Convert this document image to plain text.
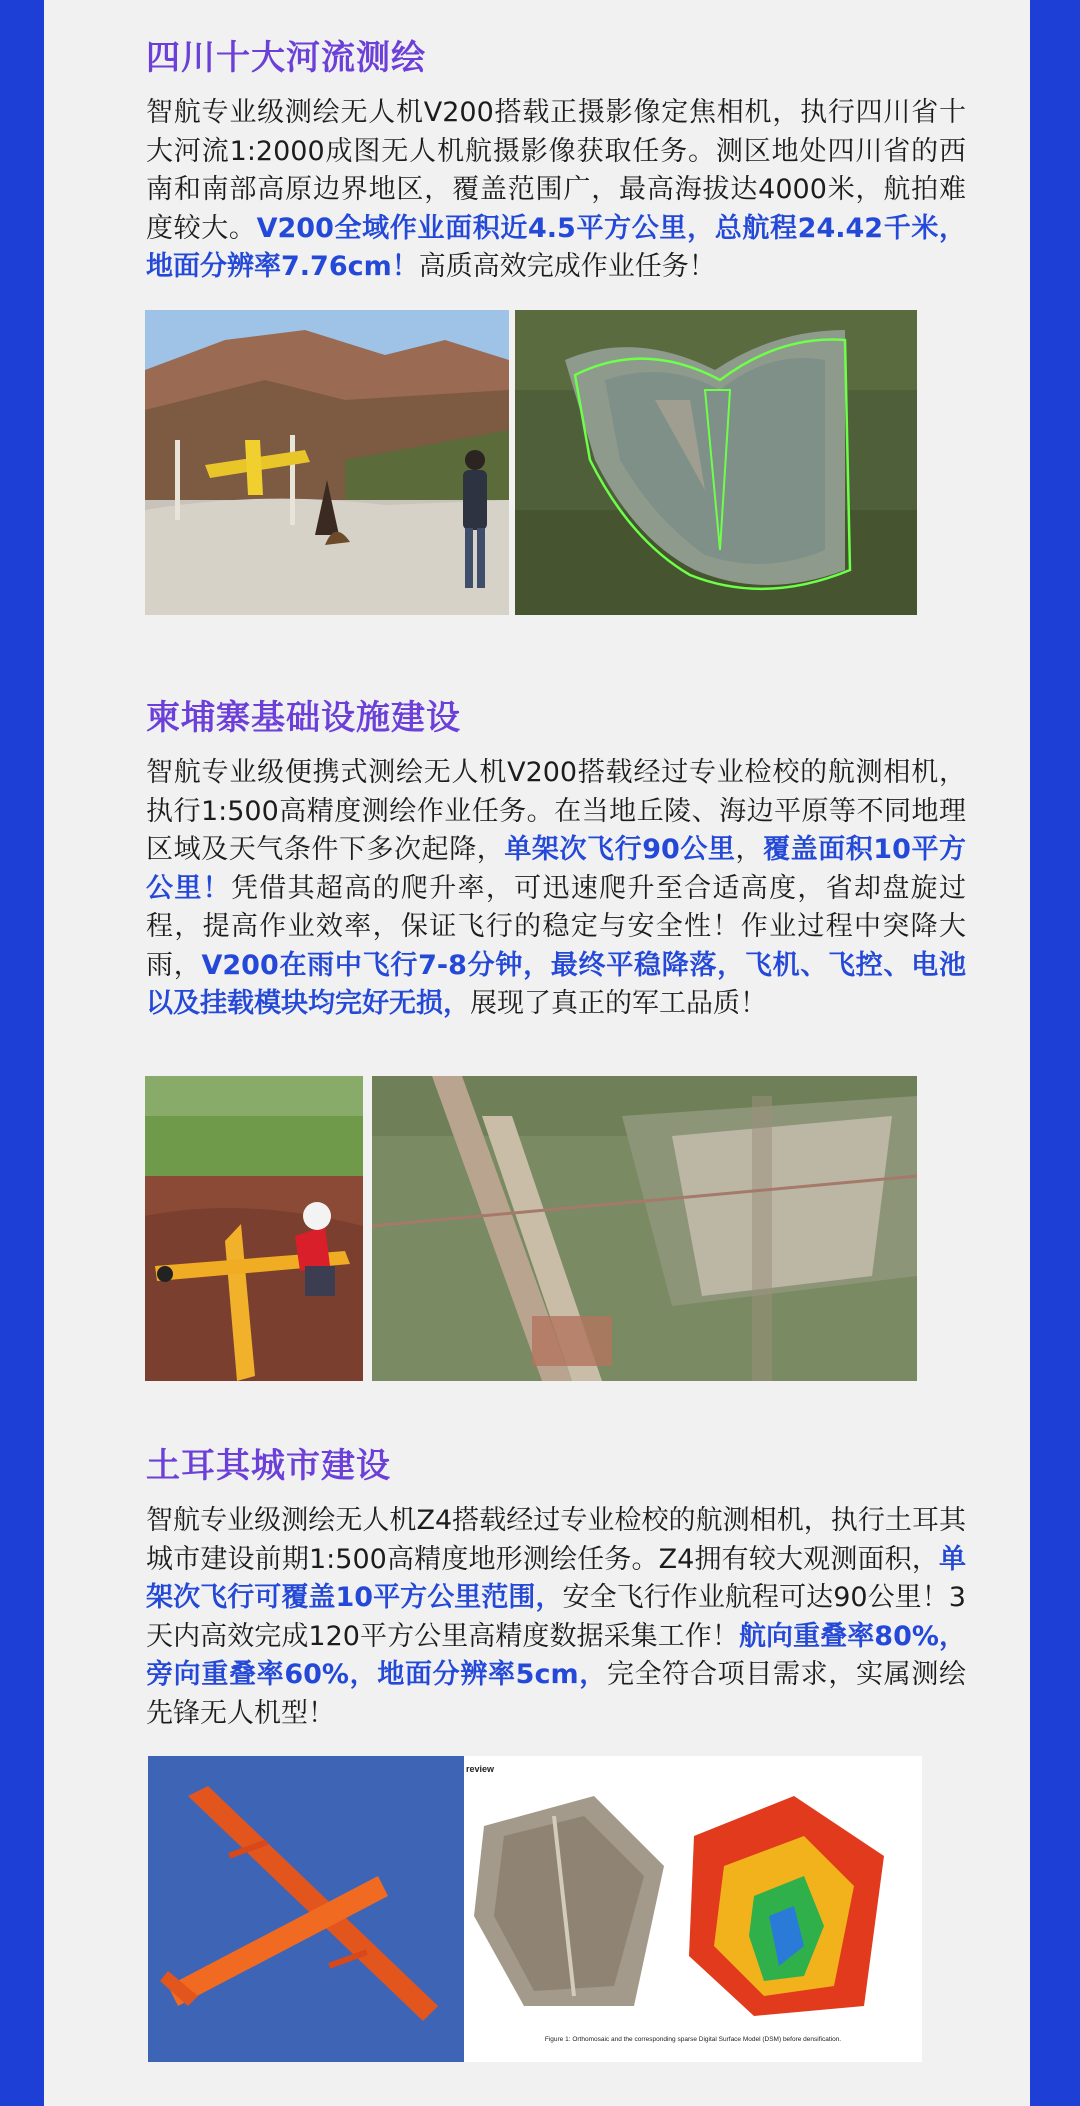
四川十大河流测绘

智航专业级测绘无人机V200搭载正摄影像定焦相机，执行四川省十大河流1:2000成图无人机航摄影像获取任务。测区地处四川省的西南和南部高原边界地区，覆盖范围广，最高海拔达4000米，航拍难度较大。V200全域作业面积近4.5平方公里，总航程24.42千米，地面分辨率7.76cm！高质高效完成作业任务！

柬埔寨基础设施建设

智航专业级便携式测绘无人机V200搭载经过专业检校的航测相机，执行1:500高精度测绘作业任务。在当地丘陵、海边平原等不同地理区域及天气条件下多次起降，单架次飞行90公里，覆盖面积10平方公里！凭借其超高的爬升率，可迅速爬升至合适高度，省却盘旋过程，提高作业效率，保证飞行的稳定与安全性！作业过程中突降大雨，V200在雨中飞行7-8分钟，最终平稳降落，飞机、飞控、电池以及挂载模块均完好无损，展现了真正的军工品质！

土耳其城市建设

智航专业级测绘无人机Z4搭载经过专业检校的航测相机，执行土耳其城市建设前期1:500高精度地形测绘任务。Z4拥有较大观测面积，单架次飞行可覆盖10平方公里范围，安全飞行作业航程可达90公里！3天内高效完成120平方公里高精度数据采集工作！航向重叠率80%，旁向重叠率60%，地面分辨率5cm，完全符合项目需求，实属测绘先锋无人机型！

review
Figure 1: Orthomosaic and the corresponding sparse Digital Surface Model (DSM) before densification.
